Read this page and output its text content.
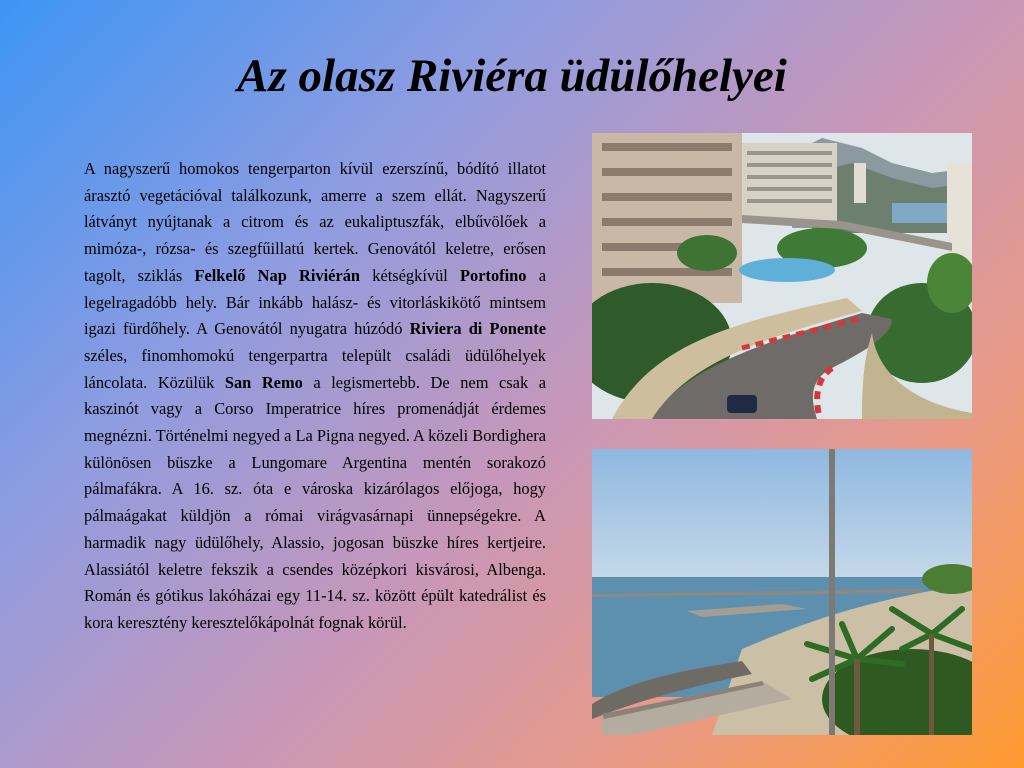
Az olasz Riviéra üdülőhelyei

A nagyszerű homokos tengerparton kívül ezerszínű, bódító illatot árasztó vegetációval találkozunk, amerre a szem ellát. Nagyszerű látványt nyújtanak a citrom és az eukaliptuszfák, elbűvölőek a mimóza-, rózsa- és szegfűillatú kertek. Genovától keletre, erősen tagolt, sziklás Felkelő Nap Riviérán kétségkívül Portofino a legelragadóbb hely. Bár inkább halász- és vitorláskikötő mintsem igazi fürdőhely. A Genovától nyugatra húzódó Riviera di Ponente széles, finomhomokú tengerpartra települt családi üdülőhelyek láncolata. Közülük San Remo a legismertebb. De nem csak a kaszinót vagy a Corso Imperatrice híres promenádját érdemes megnézni. Történelmi negyed a La Pigna negyed. A közeli Bordighera különösen büszke a Lungomare Argentina mentén sorakozó pálmafákra. A 16. sz. óta e városka kizárólagos előjoga, hogy pálmaágakat küldjön a római virágvasárnapi ünnepségekre. A harmadik nagy üdülőhely, Alassio, jogosan büszke híres kertjeire. Alassiától keletre fekszik a csendes középkori kisvárosi, Albenga. Román és gótikus lakóházai egy 11-14. sz. között épült katedrálist és kora keresztény keresztelőkápolnát fognak körül.
